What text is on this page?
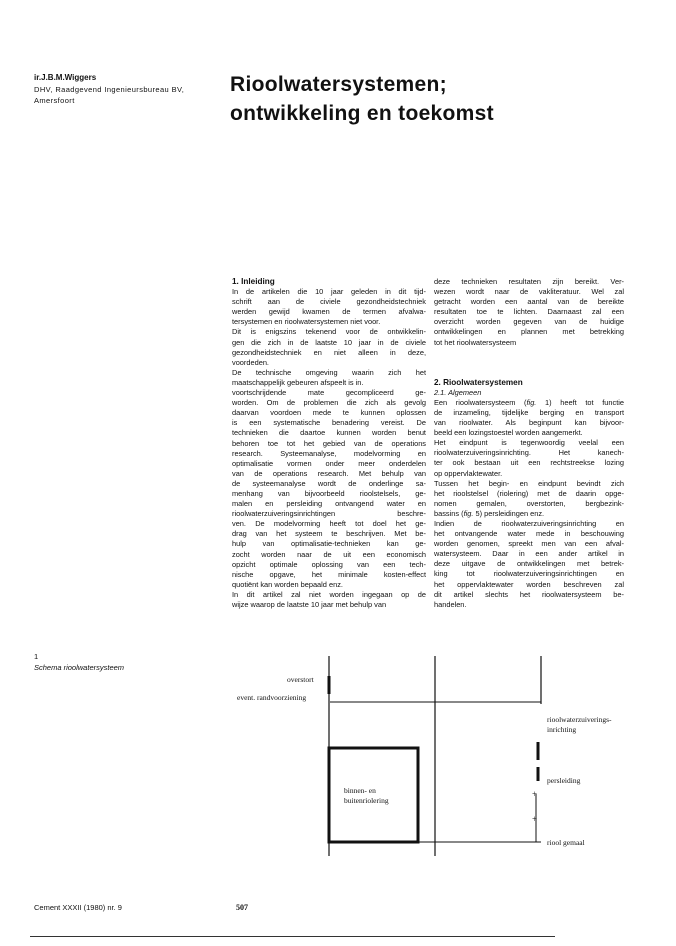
ir.J.B.M.Wiggers
DHV, Raadgevend Ingenieursbureau BV,
Amersfoort
Rioolwatersystemen;
ontwikkeling en toekomst

1. Inleiding

In de artikelen die 10 jaar geleden in dit tijd-

schrift aan de civiele gezondheidstechniek

werden gewijd kwamen de termen afvalwa-

tersystemen en rioolwatersystemen niet voor.

Dit is enigszins tekenend voor de ontwikkelin-

gen die zich in de laatste 10 jaar in de civiele

gezondheidstechniek en niet alleen in deze,

voordeden.

De technische omgeving waarin zich het

maatschappelijk gebeuren afspeelt is in.

voortschrijdende mate gecompliceerd ge-

worden. Om de problemen die zich als gevolg

daarvan voordoen mede te kunnen oplossen

is een systematische benadering vereist. De

technieken die daartoe kunnen worden benut

behoren toe tot het gebied van de operations

research. Systeemanalyse, modelvorming en

optimalisatie vormen onder meer onderdelen

van de operations research. Met behulp van

de systeemanalyse wordt de onderlinge sa-

menhang van bijvoorbeeld rioolstelsels, ge-

malen en persleiding ontvangend water en

rioolwaterzuiveringsinrichtingen beschre-

ven. De modelvorming heeft tot doel het ge-

drag van het systeem te beschrijven. Met be-

hulp van optimalisatie-technieken kan ge-

zocht worden naar de uit een economisch

opzicht optimale oplossing van een tech-

nische opgave, het minimale kosten-effect

quotiënt kan worden bepaald enz.

In dit artikel zal niet worden ingegaan op de

wijze waarop de laatste 10 jaar met behulp van

deze technieken resultaten zijn bereikt. Ver-

wezen wordt naar de vakliteratuur. Wel zal

getracht worden een aantal van de bereikte

resultaten toe te lichten. Daarnaast zal een

overzicht worden gegeven van de huidige

ontwikkelingen en plannen met betrekking

tot het rioolwatersysteem

2. Rioolwatersystemen

2.1. Algemeen

Een rioolwatersysteem (fig. 1) heeft tot functie

de inzameling, tijdelijke berging en transport

van rioolwater. Als beginpunt kan bijvoor-

beeld een lozingstoestel worden aangemerkt.

Het eindpunt is tegenwoordig veelal een

rioolwaterzuiveringsinrichting. Het kanech-

ter ook bestaan uit een rechtstreekse lozing

op oppervlaktewater.

Tussen het begin- en eindpunt bevindt zich

het rioolstelsel (riolering) met de daarin opge-

nomen gemalen, overstorten, bergbezink-

bassins (fig. 5) persleidingen enz.

Indien de rioolwaterzuiveringsinrichting en

het ontvangende water mede in beschouwing

worden genomen, spreekt men van een afval-

watersysteem. Daar in een ander artikel in

deze uitgave de ontwikkelingen met betrek-

king tot rioolwaterzuiveringsinrichtingen en

het oppervlaktewater worden beschreven zal

dit artikel slechts het rioolwatersysteem be-

handelen.

1
Schema rioolwatersysteem
overstort
event. randvoorziening
rioolwaterzuiverings-
inrichting
persleiding
binnen- en
buitenriolering
+
+
riool gemaal
Cement XXXII (1980) nr. 9	507
